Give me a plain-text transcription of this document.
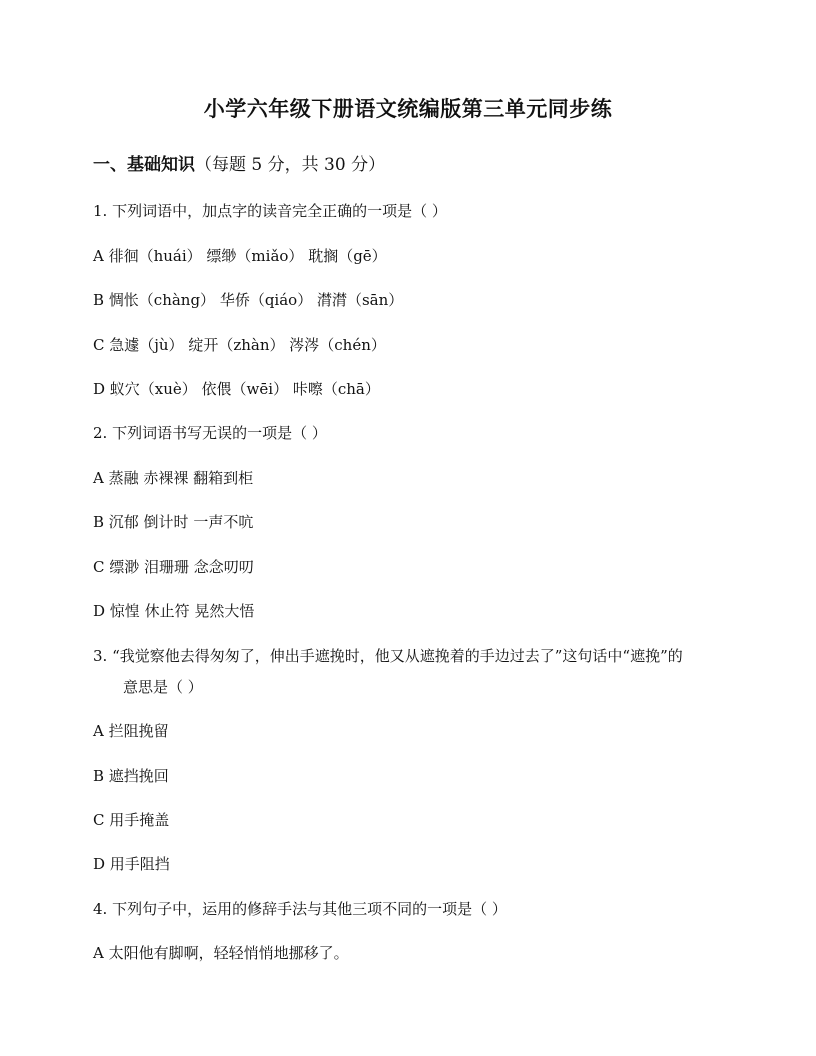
小学六年级下册语文统编版第三单元同步练
一、基础知识（每题 5 分，共 30 分）
1. 下列词语中，加点字的读音完全正确的一项是（ ）
A 徘徊（huái） 缥缈（miǎo） 耽搁（gē）
B 惆怅（chàng） 华侨（qiáo） 潸潸（sān）
C 急遽（jù） 绽开（zhàn） 涔涔（chén）
D 蚁穴（xuè） 依偎（wēi） 咔嚓（chā）
2. 下列词语书写无误的一项是（ ）
A 蒸融 赤裸裸 翻箱到柜
B 沉郁 倒计时 一声不吭
C 缥渺 泪珊珊 念念叨叨
D 惊惶 休止符 晃然大悟
3. “我觉察他去得匆匆了，伸出手遮挽时，他又从遮挽着的手边过去了”这句话中“遮挽”的
意思是（ ）
A 拦阻挽留
B 遮挡挽回
C 用手掩盖
D 用手阻挡
4. 下列句子中，运用的修辞手法与其他三项不同的一项是（ ）
A 太阳他有脚啊，轻轻悄悄地挪移了。
